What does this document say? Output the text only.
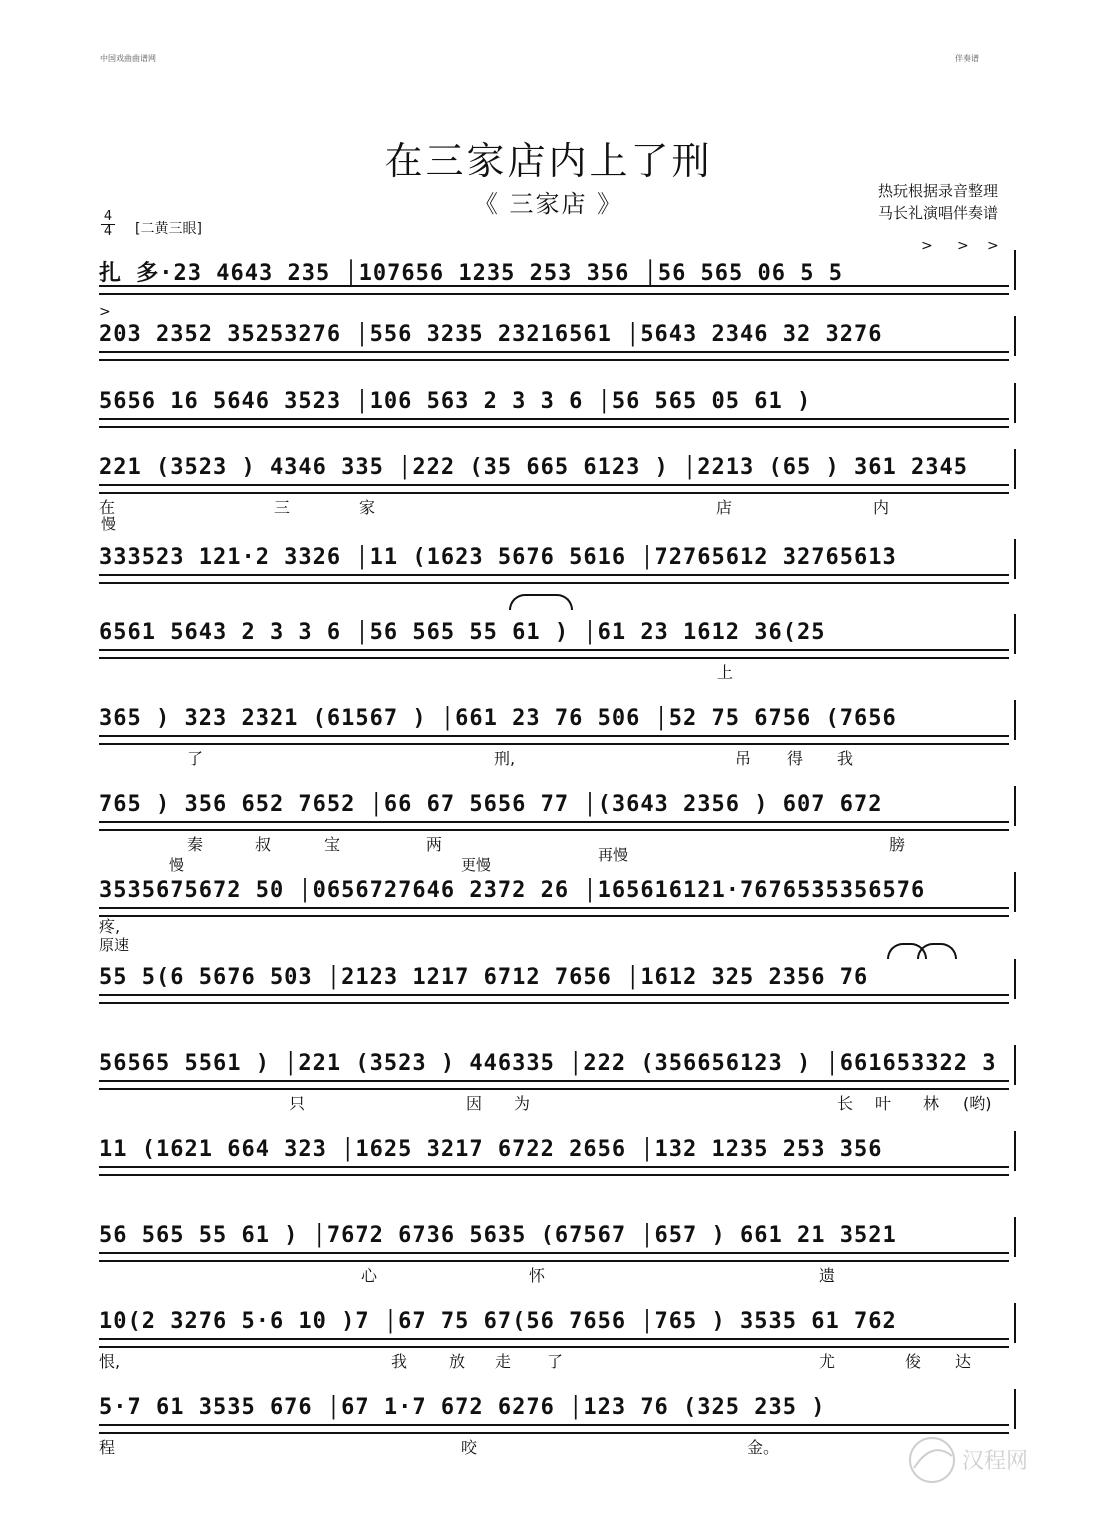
中国戏曲曲谱网	伴奏谱
在三家店内上了刑
《 三家店 》	热玩根据录音整理
马长礼演唱伴奏谱
4
4 [二黄三眼]
扎 多·23 4643 235 │107656 1235 253 356 │56 565 06 5 5
> > >
203 2352 35253276 │556 3235 23216561 │5643 2346 32 3276
>
5656 16 5646 3523 │106 563 2 3 3 6 │56 565 05 61 )
221 (3523 ) 4346 335 │222 (35 665 6123 ) │2213 (65 ) 361 2345
在
慢
三	家	店	内
333523 121·2 3326 │11 (1623 5676 5616 │72765612 32765613
6561 5643 2 3 3 6 │56 565 55 61 ) │61 23 1612 36(25
上
365 ) 323 2321 (61567 ) │661 23 76 506 │52 75 6756 (7656
了	刑,	吊 得 我
765 ) 356 652 7652 │66 67 5656 77 │(3643 2356 ) 607 672
秦	叔	宝	两	膀
慢	更慢
再慢
3535675672 50 │0656727646 2372 26 │165616121·7676535356576
疼,
原速
55 5(6 5676 503 │2123 1217 6712 7656 │1612 325 2356 76
56565 5561 ) │221 (3523 ) 446335 │222 (356656123 ) │661653322 3
只	因 为	长 叶 林 (哟)
11 (1621 664 323 │1625 3217 6722 2656 │132 1235 253 356
56 565 55 61 ) │7672 6736 5635 (67567 │657 ) 661 21 3521
心	怀	遗
10(2 3276 5·6 10 )7 │67 75 67(56 7656 │765 ) 3535 61 762
恨,	我	放 走 了	尤	俊 达
5·7 61 3535 676 │67 1·7 672 6276 │123 76 (325 235 )
程	咬	金。
汉程网
